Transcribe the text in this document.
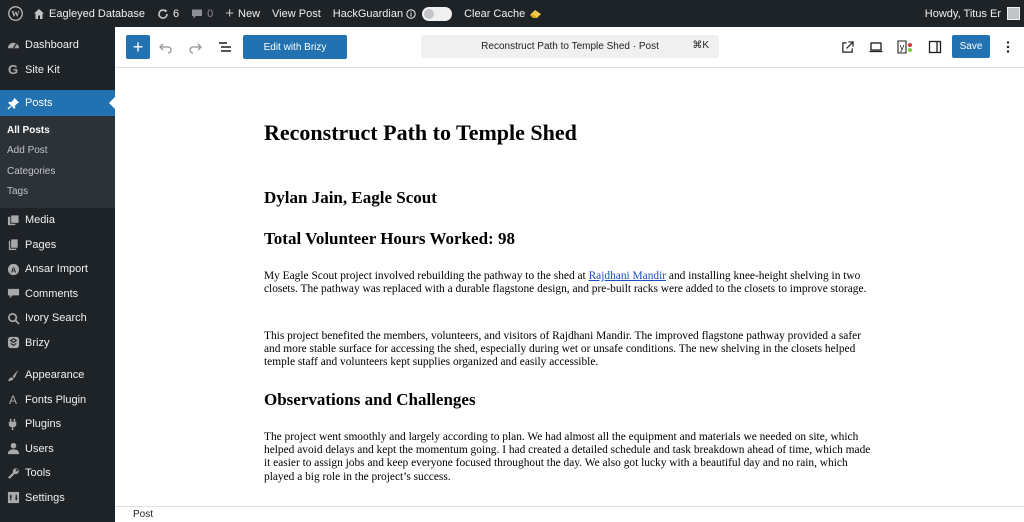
W	Eagleyed Database	6	0 + New View Post HackGuardian	Clear Cache	Howdy, Titus Er
Dashboard
G Site Kit
Posts
All Posts
Add Post
Categories
Tags
Media
Pages
A Ansar Import
Comments
Ivory Search
Brizy
Appearance
A Fonts Plugin
Plugins
Users
Tools
Settings
+	Edit with Brizy	Reconstruct Path to Temple Shed · Post	⌘K	y	Save
Reconstruct Path to Temple Shed
Dylan Jain, Eagle Scout
Total Volunteer Hours Worked: 98
My Eagle Scout project involved rebuilding the pathway to the shed at Rajdhani Mandir and installing knee-height shelving in two closets. The pathway was replaced with a durable flagstone design, and pre-built racks were added to the closets to improve storage.
This project benefited the members, volunteers, and visitors of Rajdhani Mandir. The improved flagstone pathway provided a safer and more stable surface for accessing the shed, especially during wet or unsafe conditions. The new shelving in the closets helped temple staff and volunteers kept supplies organized and easily accessible.
Observations and Challenges
The project went smoothly and largely according to plan. We had almost all the equipment and materials we needed on site, which helped avoid delays and kept the momentum going. I had created a detailed schedule and task breakdown ahead of time, which made it easier to assign jobs and keep everyone focused throughout the day. We also got lucky with a beautiful day and no rain, which played a big role in the project’s success.
Post
